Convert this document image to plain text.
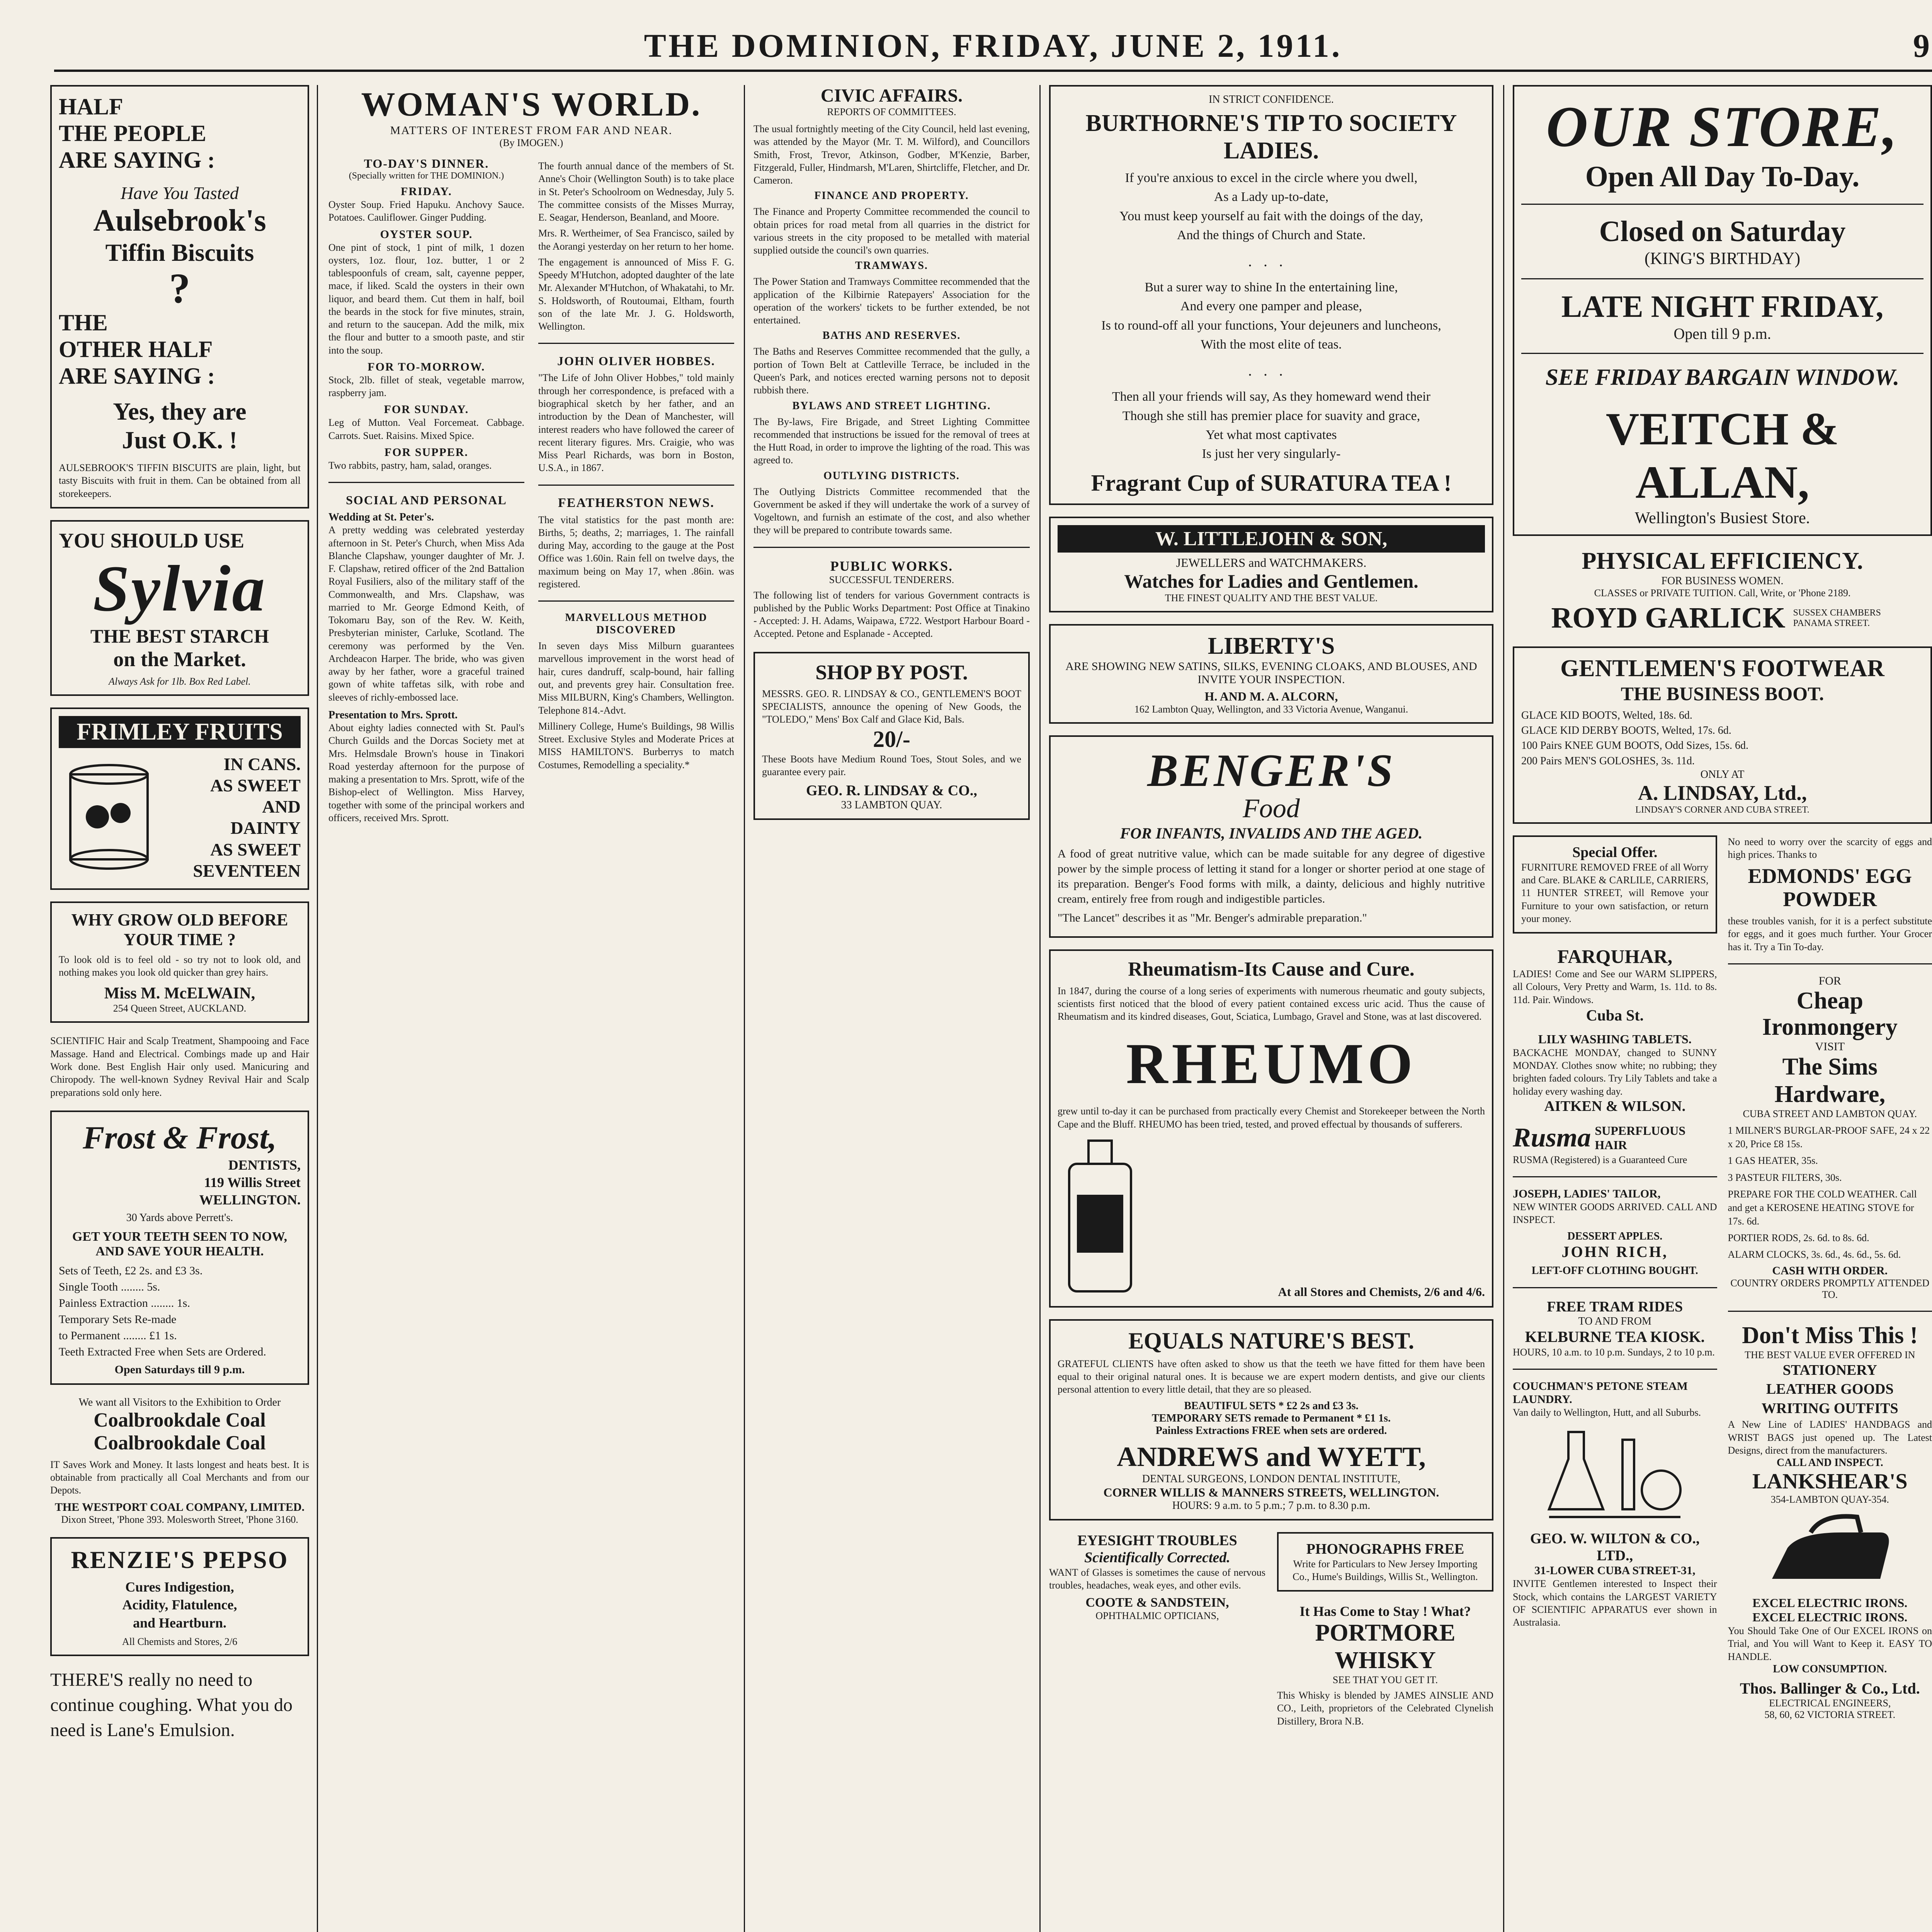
THE DOMINION, FRIDAY, JUNE 2, 1911.	9
HALF
THE PEOPLE
ARE SAYING :
Have You Tasted
Aulsebrook's
Tiffin Biscuits
?
THE
OTHER HALF
ARE SAYING :
Yes, they are
Just O.K. !
AULSEBROOK'S TIFFIN BISCUITS are plain, light, but tasty Biscuits with fruit in them. Can be obtained from all storekeepers.
YOU SHOULD USE
Sylvia
THE BEST STARCH
on the Market.
Always Ask for 1lb. Box Red Label.
FRIMLEY FRUITS
IN CANS.
AS SWEET
AND
DAINTY
AS SWEET
SEVENTEEN
WHY GROW OLD BEFORE YOUR TIME ?
To look old is to feel old - so try not to look old, and nothing makes you look old quicker than grey hairs.
Miss M. McELWAIN,
254 Queen Street, AUCKLAND.
SCIENTIFIC Hair and Scalp Treatment, Shampooing and Face Massage. Hand and Electrical. Combings made up and Hair Work done. Best English Hair only used. Manicuring and Chiropody. The well-known Sydney Revival Hair and Scalp preparations sold only here.
Frost & Frost,
DENTISTS,
119 Willis Street
WELLINGTON.
30 Yards above Perrett's.
GET YOUR TEETH SEEN TO NOW, AND SAVE YOUR HEALTH.
Sets of Teeth, £2 2s. and £3 3s.
Single Tooth ........ 5s.
Painless Extraction ........ 1s.
Temporary Sets Re-made
to Permanent ........ £1 1s.
Teeth Extracted Free when Sets are Ordered.
Open Saturdays till 9 p.m.
We want all Visitors to the Exhibition to Order
Coalbrookdale Coal
Coalbrookdale Coal
IT Saves Work and Money. It lasts longest and heats best. It is obtainable from practically all Coal Merchants and from our Depots.
THE WESTPORT COAL COMPANY, LIMITED.
Dixon Street, 'Phone 393. Molesworth Street, 'Phone 3160.
RENZIE'S PEPSO
Cures Indigestion,
Acidity, Flatulence,
and Heartburn.
All Chemists and Stores, 2/6
THERE'S really no need to continue coughing. What you do need is Lane's Emulsion.
WOMAN'S WORLD.
MATTERS OF INTEREST FROM FAR AND NEAR.
(By IMOGEN.)
TO-DAY'S DINNER.
(Specially written for THE DOMINION.)
FRIDAY.
Oyster Soup. Fried Hapuku. Anchovy Sauce. Potatoes. Cauliflower. Ginger Pudding.
OYSTER SOUP.
One pint of stock, 1 pint of milk, 1 dozen oysters, 1oz. flour, 1oz. butter, 1 or 2 tablespoonfuls of cream, salt, cayenne pepper, mace, if liked. Scald the oysters in their own liquor, and beard them. Cut them in half, boil the beards in the stock for five minutes, strain, and return to the saucepan. Add the milk, mix the flour and butter to a smooth paste, and stir into the soup.
FOR TO-MORROW.
Stock, 2lb. fillet of steak, vegetable marrow, raspberry jam.
FOR SUNDAY.
Leg of Mutton. Veal Forcemeat. Cabbage. Carrots. Suet. Raisins. Mixed Spice.
FOR SUPPER.
Two rabbits, pastry, ham, salad, oranges.
SOCIAL AND PERSONAL
Wedding at St. Peter's.
A pretty wedding was celebrated yesterday afternoon in St. Peter's Church, when Miss Ada Blanche Clapshaw, younger daughter of Mr. J. F. Clapshaw, retired officer of the 2nd Battalion Royal Fusiliers, also of the military staff of the Commonwealth, and Mrs. Clapshaw, was married to Mr. George Edmond Keith, of Tokomaru Bay, son of the Rev. W. Keith, Presbyterian minister, Carluke, Scotland. The ceremony was performed by the Ven. Archdeacon Harper. The bride, who was given away by her father, wore a graceful trained gown of white taffetas silk, with robe and sleeves of richly-embossed lace.
Presentation to Mrs. Sprott.
About eighty ladies connected with St. Paul's Church Guilds and the Dorcas Society met at Mrs. Helmsdale Brown's house in Tinakori Road yesterday afternoon for the purpose of making a presentation to Mrs. Sprott, wife of the Bishop-elect of Wellington. Miss Harvey, together with some of the principal workers and officers, received Mrs. Sprott.

The fourth annual dance of the members of St. Anne's Choir (Wellington South) is to take place in St. Peter's Schoolroom on Wednesday, July 5. The committee consists of the Misses Murray, E. Seagar, Henderson, Beanland, and Moore.

Mrs. R. Wertheimer, of Sea Francisco, sailed by the Aorangi yesterday on her return to her home.

The engagement is announced of Miss F. G. Speedy M'Hutchon, adopted daughter of the late Mr. Alexander M'Hutchon, of Whakatahi, to Mr. S. Holdsworth, of Routoumai, Eltham, fourth son of the late Mr. J. G. Holdsworth, Wellington.

JOHN OLIVER HOBBES.

"The Life of John Oliver Hobbes," told mainly through her correspondence, is prefaced with a biographical sketch by her father, and an introduction by the Dean of Manchester, will interest readers who have followed the career of recent literary figures. Mrs. Craigie, who was Miss Pearl Richards, was born in Boston, U.S.A., in 1867.

FEATHERSTON NEWS.

The vital statistics for the past month are: Births, 5; deaths, 2; marriages, 1. The rainfall during May, according to the gauge at the Post Office was 1.60in. Rain fell on twelve days, the maximum being on May 17, when .86in. was registered.

MARVELLOUS METHOD DISCOVERED

In seven days Miss Milburn guarantees marvellous improvement in the worst head of hair, cures dandruff, scalp-bound, hair falling out, and prevents grey hair. Consultation free. Miss MILBURN, King's Chambers, Wellington. Telephone 814.-Advt.

Millinery College, Hume's Buildings, 98 Willis Street. Exclusive Styles and Moderate Prices at MISS HAMILTON'S. Burberrys to match Costumes, Remodelling a speciality.*

CIVIC AFFAIRS.
REPORTS OF COMMITTEES.

The usual fortnightly meeting of the City Council, held last evening, was attended by the Mayor (Mr. T. M. Wilford), and Councillors Smith, Frost, Trevor, Atkinson, Godber, M'Kenzie, Barber, Fitzgerald, Fuller, Hindmarsh, M'Laren, Shirtcliffe, Fletcher, and Dr. Cameron.

FINANCE AND PROPERTY.

The Finance and Property Committee recommended the council to obtain prices for road metal from all quarries in the district for various streets in the city proposed to be metalled with material supplied outside the council's own quarries.

TRAMWAYS.

The Power Station and Tramways Committee recommended that the application of the Kilbirnie Ratepayers' Association for the operation of the workers' tickets to be further extended, be not entertained.

BATHS AND RESERVES.

The Baths and Reserves Committee recommended that the gully, a portion of Town Belt at Cattleville Terrace, be included in the Queen's Park, and notices erected warning persons not to deposit rubbish there.

BYLAWS AND STREET LIGHTING.

The By-laws, Fire Brigade, and Street Lighting Committee recommended that instructions be issued for the removal of trees at the Hutt Road, in order to improve the lighting of the road. This was agreed to.

OUTLYING DISTRICTS.

The Outlying Districts Committee recommended that the Government be asked if they will undertake the work of a survey of Vogeltown, and furnish an estimate of the cost, and also whether they will be prepared to contribute towards same.

PUBLIC WORKS.
SUCCESSFUL TENDERERS.

The following list of tenders for various Government contracts is published by the Public Works Department: Post Office at Tinakino - Accepted: J. H. Adams, Waipawa, £722. Westport Harbour Board - Accepted. Petone and Esplanade - Accepted.

SHOP BY POST.
MESSRS. GEO. R. LINDSAY & CO., GENTLEMEN'S BOOT SPECIALISTS, announce the opening of New Goods, the "TOLEDO," Mens' Box Calf and Glace Kid, Bals.
20/-
These Boots have Medium Round Toes, Stout Soles, and we guarantee every pair.
GEO. R. LINDSAY & CO.,
33 LAMBTON QUAY.
IN STRICT CONFIDENCE.
BURTHORNE'S TIP TO SOCIETY LADIES.
If you're anxious to excel in the circle where you dwell,
As a Lady up-to-date,
You must keep yourself au fait with the doings of the day,
And the things of Church and State.
...
But a surer way to shine In the entertaining line,
And every one pamper and please,
Is to round-off all your functions, Your dejeuners and luncheons,
With the most elite of teas.
...
Then all your friends will say, As they homeward wend their
Though she still has premier place for suavity and grace,
Yet what most captivates
Is just her very singularly-
Fragrant Cup of SURATURA TEA !
W. LITTLEJOHN & SON,
JEWELLERS and WATCHMAKERS.
Watches for Ladies and Gentlemen.
THE FINEST QUALITY AND THE BEST VALUE.
LIBERTY'S
ARE SHOWING NEW SATINS, SILKS, EVENING CLOAKS, AND BLOUSES, AND INVITE YOUR INSPECTION.
H. AND M. A. ALCORN,
162 Lambton Quay, Wellington, and 33 Victoria Avenue, Wanganui.
BENGER'S
Food
FOR INFANTS, INVALIDS AND THE AGED.
A food of great nutritive value, which can be made suitable for any degree of digestive power by the simple process of letting it stand for a longer or shorter period at one stage of its preparation. Benger's Food forms with milk, a dainty, delicious and highly nutritive cream, entirely free from rough and indigestible particles.
"The Lancet" describes it as "Mr. Benger's admirable preparation."
Rheumatism-Its Cause and Cure.
In 1847, during the course of a long series of experiments with numerous rheumatic and gouty subjects, scientists first noticed that the blood of every patient contained excess uric acid. Thus the cause of Rheumatism and its kindred diseases, Gout, Sciatica, Lumbago, Gravel and Stone, was at last discovered.
RHEUMO
grew until to-day it can be purchased from practically every Chemist and Storekeeper between the North Cape and the Bluff. RHEUMO has been tried, tested, and proved effectual by thousands of sufferers.
At all Stores and Chemists, 2/6 and 4/6.
EQUALS NATURE'S BEST.
GRATEFUL CLIENTS have often asked to show us that the teeth we have fitted for them have been equal to their original natural ones. It is because we are expert modern dentists, and give our clients personal attention to every little detail, that they are so pleased.
BEAUTIFUL SETS * £2 2s and £3 3s.
TEMPORARY SETS remade to Permanent * £1 1s.
Painless Extractions FREE when sets are ordered.
ANDREWS and WYETT,
DENTAL SURGEONS, LONDON DENTAL INSTITUTE,
CORNER WILLIS & MANNERS STREETS, WELLINGTON.
HOURS: 9 a.m. to 5 p.m.; 7 p.m. to 8.30 p.m.
EYESIGHT TROUBLES
Scientifically Corrected.
WANT of Glasses is sometimes the cause of nervous troubles, headaches, weak eyes, and other evils.
COOTE & SANDSTEIN,
OPHTHALMIC OPTICIANS,
PHONOGRAPHS FREE
Write for Particulars to New Jersey Importing Co., Hume's Buildings, Willis St., Wellington.
It Has Come to Stay ! What?
PORTMORE
WHISKY
SEE THAT YOU GET IT.
This Whisky is blended by JAMES AINSLIE AND CO., Leith, proprietors of the Celebrated Clynelish Distillery, Brora N.B.
OUR STORE,
Open All Day To-Day.
Closed on Saturday
(KING'S BIRTHDAY)
LATE NIGHT FRIDAY,
Open till 9 p.m.
SEE FRIDAY BARGAIN WINDOW.
VEITCH & ALLAN,
Wellington's Busiest Store.
PHYSICAL EFFICIENCY.
FOR BUSINESS WOMEN.
CLASSES or PRIVATE TUITION. Call, Write, or 'Phone 2189.
ROYD GARLICK SUSSEX CHAMBERS PANAMA STREET.
GENTLEMEN'S FOOTWEAR
THE BUSINESS BOOT.
GLACE KID BOOTS, Welted, 18s. 6d.
GLACE KID DERBY BOOTS, Welted, 17s. 6d.
100 Pairs KNEE GUM BOOTS, Odd Sizes, 15s. 6d.
200 Pairs MEN'S GOLOSHES, 3s. 11d.
ONLY AT
A. LINDSAY, Ltd.,
LINDSAY'S CORNER AND CUBA STREET.
Special Offer.
FURNITURE REMOVED FREE of all Worry and Care. BLAKE & CARLILE, CARRIERS, 11 HUNTER STREET, will Remove your Furniture to your own satisfaction, or return your money.
FARQUHAR,
LADIES! Come and See our WARM SLIPPERS, all Colours, Very Pretty and Warm, 1s. 11d. to 8s. 11d. Pair. Windows.
Cuba St.
LILY WASHING TABLETS.
BACKACHE MONDAY, changed to SUNNY MONDAY. Clothes snow white; no rubbing; they brighten faded colours. Try Lily Tablets and take a holiday every washing day.
AITKEN & WILSON.
Rusma SUPERFLUOUS HAIR
RUSMA (Registered) is a Guaranteed Cure
JOSEPH, LADIES' TAILOR,
NEW WINTER GOODS ARRIVED. CALL AND INSPECT.
DESSERT APPLES.
JOHN RICH,
LEFT-OFF CLOTHING BOUGHT.
FREE TRAM RIDES
TO AND FROM
KELBURNE TEA KIOSK.
HOURS, 10 a.m. to 10 p.m. Sundays, 2 to 10 p.m.
COUCHMAN'S PETONE STEAM LAUNDRY.
Van daily to Wellington, Hutt, and all Suburbs.
GEO. W. WILTON & CO., LTD.,
31-LOWER CUBA STREET-31,
INVITE Gentlemen interested to Inspect their Stock, which contains the LARGEST VARIETY OF SCIENTIFIC APPARATUS ever shown in Australasia.
No need to worry over the scarcity of eggs and high prices. Thanks to
EDMONDS' EGG POWDER
these troubles vanish, for it is a perfect substitute for eggs, and it goes much further. Your Grocer has it. Try a Tin To-day.
FOR
Cheap Ironmongery
VISIT
The Sims Hardware,
CUBA STREET AND LAMBTON QUAY.

1 MILNER'S BURGLAR-PROOF SAFE, 24 x 22 x 20, Price £8 15s.

1 GAS HEATER, 35s.

3 PASTEUR FILTERS, 30s.

PREPARE FOR THE COLD WEATHER. Call and get a KEROSENE HEATING STOVE for 17s. 6d.

PORTIER RODS, 2s. 6d. to 8s. 6d.

ALARM CLOCKS, 3s. 6d., 4s. 6d., 5s. 6d.

CASH WITH ORDER.
COUNTRY ORDERS PROMPTLY ATTENDED TO.
Don't Miss This !
THE BEST VALUE EVER OFFERED IN
STATIONERY
LEATHER GOODS
WRITING OUTFITS
A New Line of LADIES' HANDBAGS and WRIST BAGS just opened up. The Latest Designs, direct from the manufacturers.
CALL AND INSPECT.
LANKSHEAR'S
354-LAMBTON QUAY-354.
EXCEL ELECTRIC IRONS.
EXCEL ELECTRIC IRONS.
You Should Take One of Our EXCEL IRONS on Trial, and You will Want to Keep it. EASY TO HANDLE.
LOW CONSUMPTION.
Thos. Ballinger & Co., Ltd.
ELECTRICAL ENGINEERS,
58, 60, 62 VICTORIA STREET.
